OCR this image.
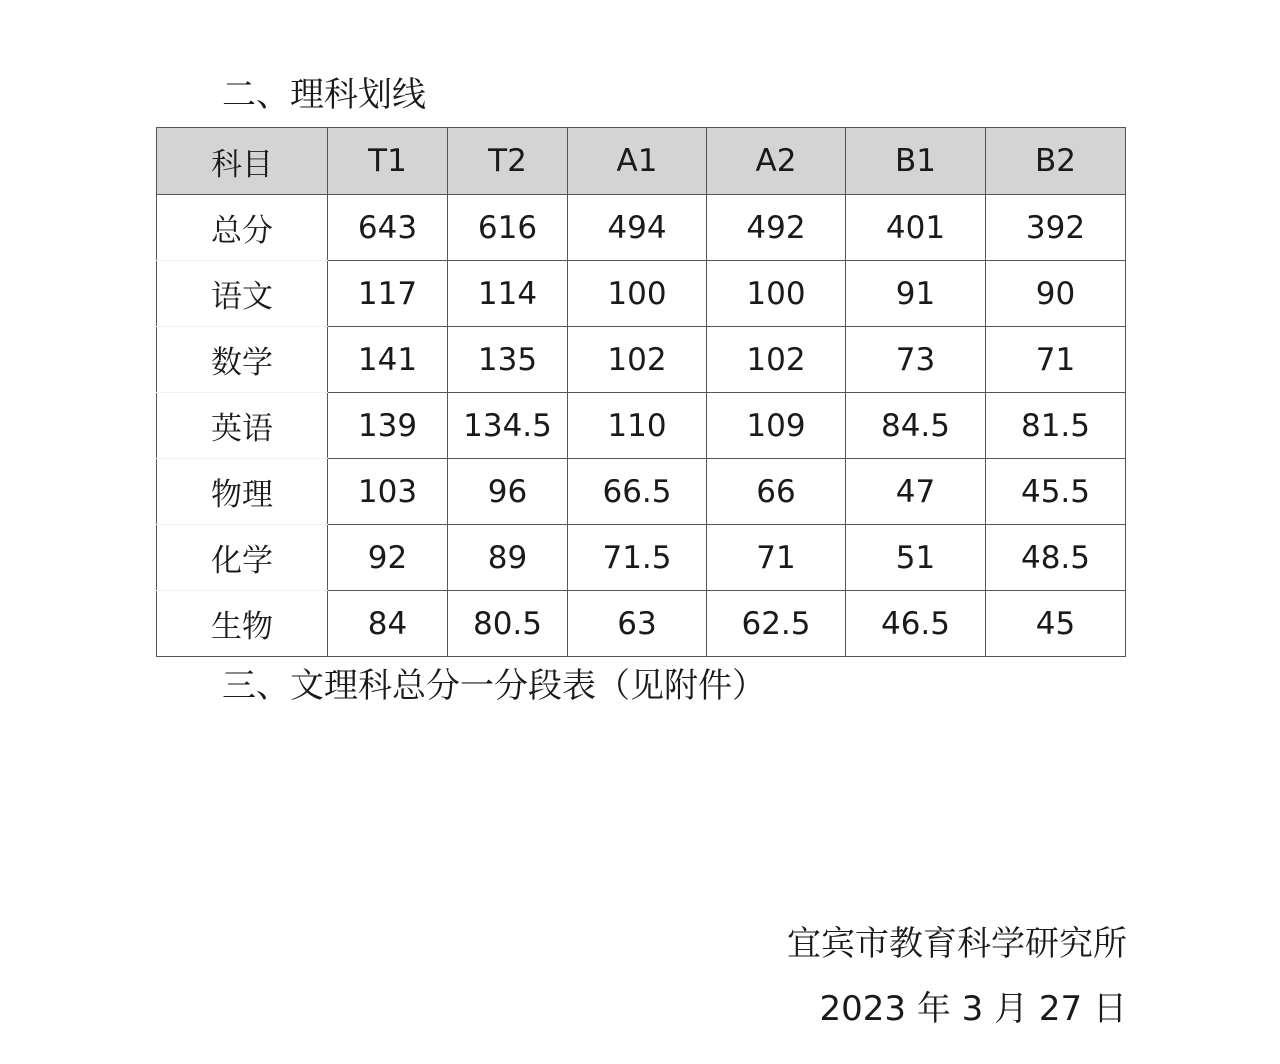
二、理科划线
科目	T1	T2	A1	A2	B1	B2
总分	643	616	494	492	401	392
语文	117	114	100	100	91	90
数学	141	135	102	102	73	71
英语	139	134.5	110	109	84.5	81.5
物理	103	96	66.5	66	47	45.5
化学	92	89	71.5	71	51	48.5
生物	84	80.5	63	62.5	46.5	45
三、文理科总分一分段表（见附件）
宜宾市教育科学研究所
2023 年 3 月 27 日
